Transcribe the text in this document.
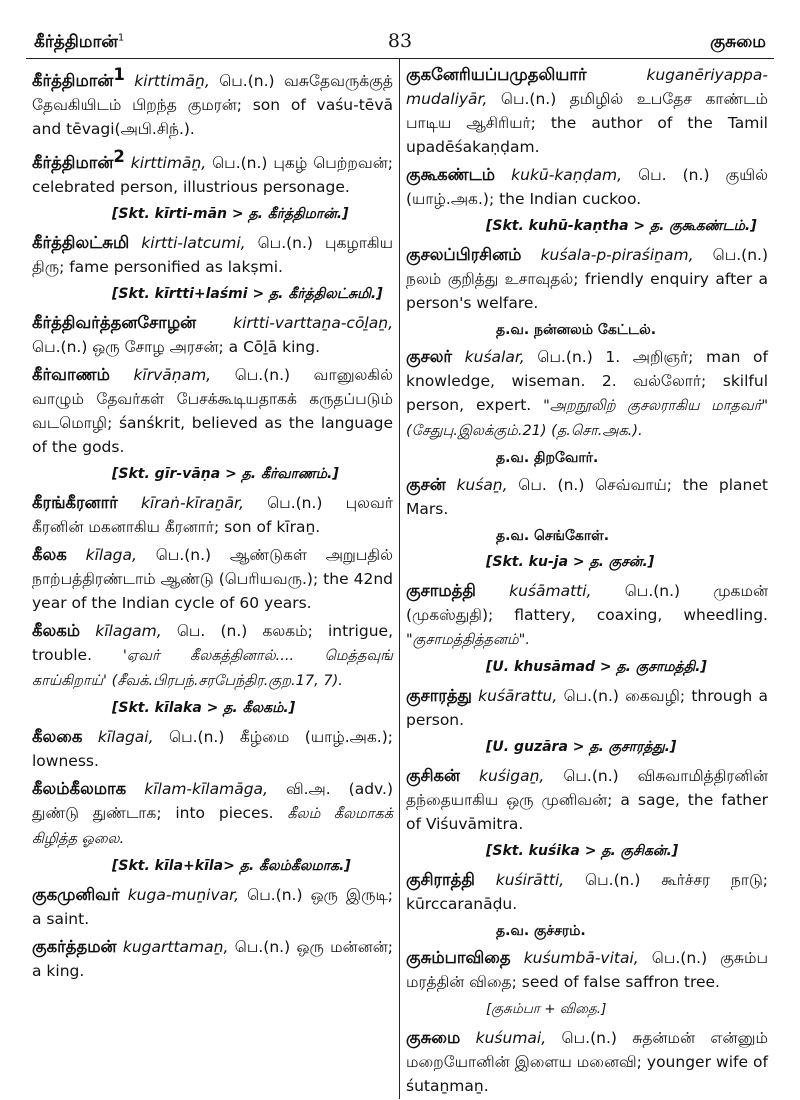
கீர்த்திமான்$^1$	83	குசுமை
கீர்த்திமான்$^1$ kirttimāṉ, பெ.(n.) வசுதேவருக்குத் தேவகியிடம் பிறந்த குமரன்; son of vaśu-tēvā and tēvagi(அபி.சிந்.).
கீர்த்திமான்$^2$ kirttimāṉ, பெ.(n.) புகழ் பெற்றவன்; celebrated person, illustrious personage.
[Skt. kīrti-mān > த. கீர்த்திமான்.]
கீர்த்திலட்சுமி kirtti-latcumi, பெ.(n.) புகழாகிய திரு; fame personified as lakṣmi.
[Skt. kīrtti+laśmi > த. கீர்த்திலட்சுமி.]
கீர்த்திவர்த்தனசோழன் kirtti-varttaṉa-cōḻaṉ, பெ.(n.) ஒரு சோழ அரசன்; a Cōḻā king.
கீர்வாணம் kīrvāṇam, பெ.(n.) வானுலகில் வாழும் தேவர்கள் பேசக்கூடியதாகக் கருதப்படும் வடமொழி; śanśkrit, believed as the language of the gods.
[Skt. gīr-vāṇa > த. கீர்வாணம்.]
கீரங்கீரனார் kīraṅ-kīraṉār, பெ.(n.) புலவர் கீரனின் மகனாகிய கீரனார்; son of kīraṉ.
கீலக kīlaga, பெ.(n.) ஆண்டுகள் அறுபதில் நாற்பத்திரண்டாம் ஆண்டு (பெரியவரு.); the 42nd year of the Indian cycle of 60 years.
கீலகம் kīlagam, பெ. (n.) கலகம்; intrigue, trouble. 'ஏவர் கீலகத்தினால்.... மெத்தவுங் காய்கிறாய்' (சீவக்.பிரபந்.சரபேந்திர.குற.17, 7).
[Skt. kīlaka > த. கீலகம்.]
கீலகை kīlagai, பெ.(n.) கீழ்மை (யாழ்.அக.); lowness.
கீலம்கீலமாக kīlam-kīlamāga, வி.அ. (adv.) துண்டு துண்டாக; into pieces. கீலம் கீலமாகக் கிழித்த ஓலை.
[Skt. kīla+kīla> த. கீலம்கீலமாக.]
குகமுனிவர் kuga-muṉivar, பெ.(n.) ஒரு இருடி; a saint.
குகர்த்தமன் kugarttamaṉ, பெ.(n.) ஒரு மன்னன்; a king.
குகனேரியப்பமுதலியார்	kuganēriyappa-mudaliyār, பெ.(n.) தமிழில் உபதேச காண்டம் பாடிய ஆசிரியர்; the author of the Tamil upadēśakaṇḍam.
குகூகண்டம் kukū-kaṇḍam, பெ. (n.) குயில் (யாழ்.அக.); the Indian cuckoo.
[Skt. kuhū-kaṇtha > த. குகூகண்டம்.]
குசலப்பிரசினம் kuśala-p-piraśiṉam, பெ.(n.) நலம் குறித்து உசாவுதல்; friendly enquiry after a person's welfare.
த.வ. நன்னலம் கேட்டல்.
குசலர் kuśalar, பெ.(n.) 1. அறிஞர்; man of knowledge, wiseman. 2. வல்லோர்; skilful person, expert. "அறநூலிற் குசலராகிய மாதவர்" (சேதுபு.இலக்கும்.21) (த.சொ.அக.).
த.வ. திறவோர்.
குசன் kuśaṉ, பெ. (n.) செவ்வாய்; the planet Mars.
த.வ. செங்கோள்.
[Skt. ku-ja > த. குசன்.]
குசாமத்தி kuśāmatti, பெ.(n.) முகமன் (முகஸ்துதி); flattery, coaxing, wheedling. "குசாமத்தித்தனம்".
[U. khusāmad > த. குசாமத்தி.]
குசாரத்து kuśārattu, பெ.(n.) கைவழி; through a person.
[U. guzāra > த. குசாரத்து.]
குசிகன் kuśigaṉ, பெ.(n.) விசுவாமித்திரனின் தந்தையாகிய ஒரு முனிவன்; a sage, the father of Viśuvāmitra.
[Skt. kuśika > த. குசிகன்.]
குசிராத்தி kuśirātti, பெ.(n.) கூர்ச்சர நாடு; kūrccaranāḍu.
த.வ. குச்சரம்.
குசும்பாவிதை kuśumbā-vitai, பெ.(n.) குசும்ப மரத்தின் விதை; seed of false saffron tree.
[குசும்பா + விதை.]
குசுமை kuśumai, பெ.(n.) சுதன்மன் என்னும் மறையோனின் இளைய மனைவி; younger wife of śutaṉmaṉ.
